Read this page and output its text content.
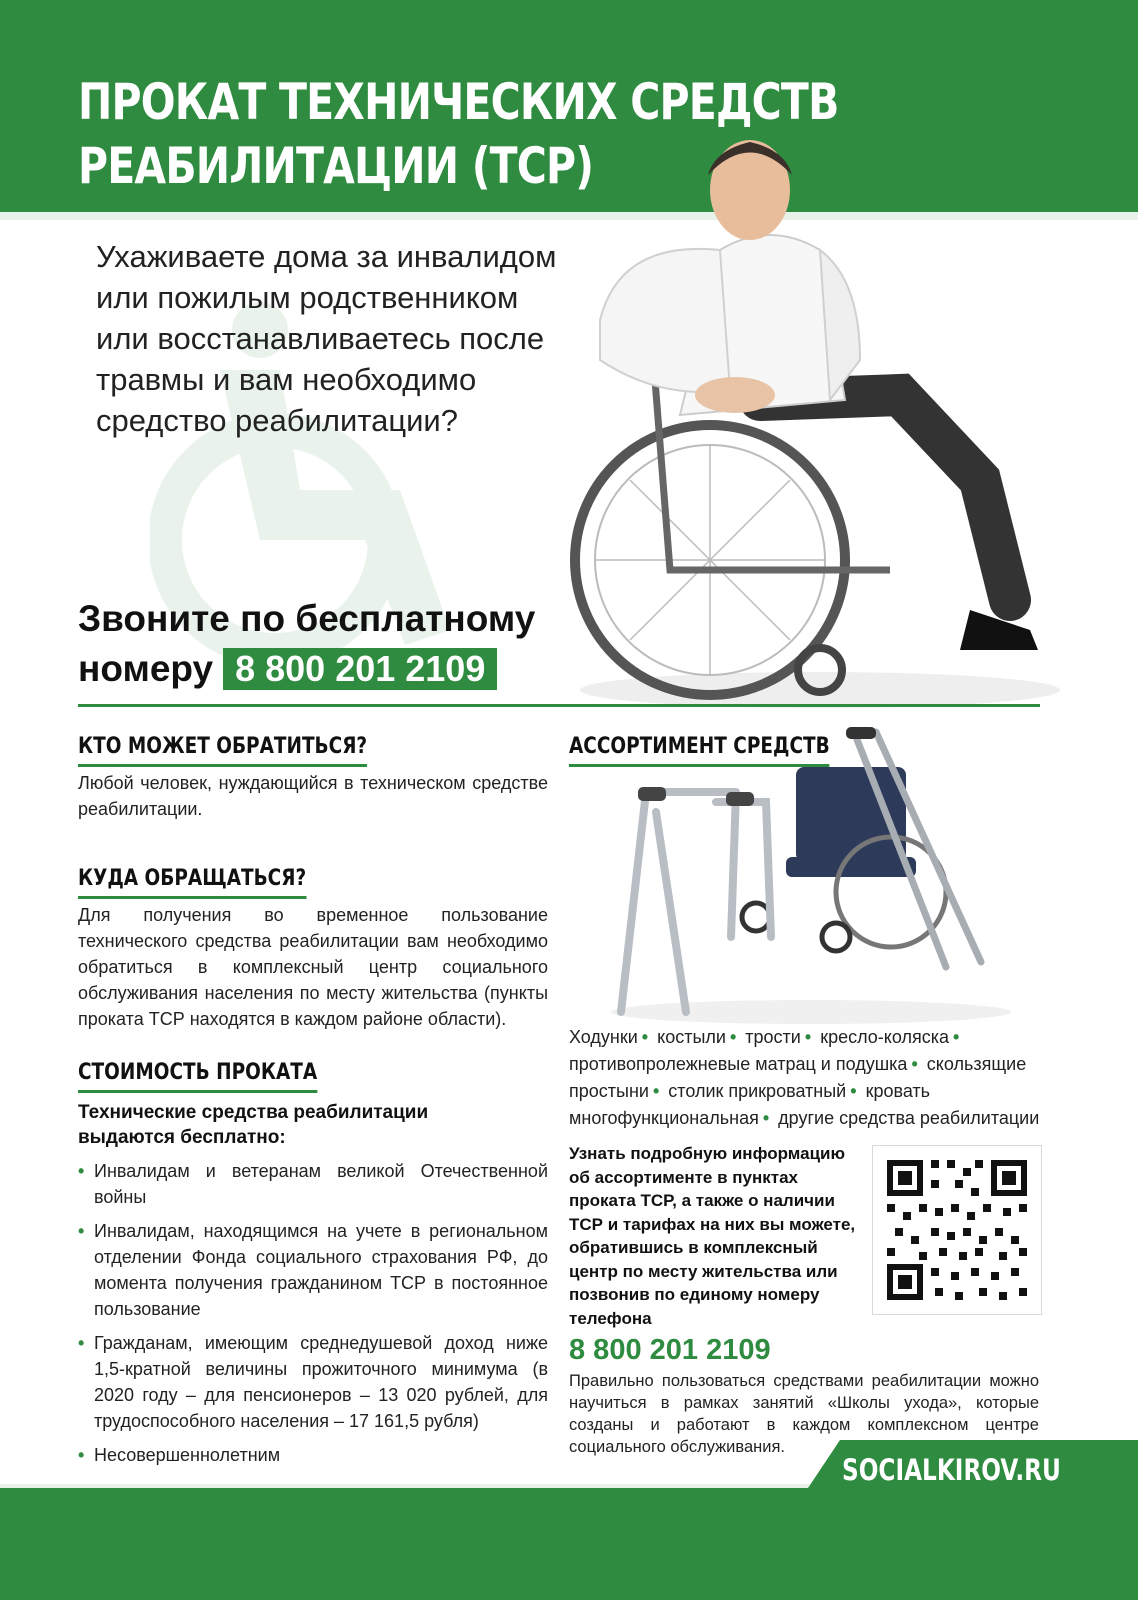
ПРОКАТ ТЕХНИЧЕСКИХ СРЕДСТВ
РЕАБИЛИТАЦИИ (ТСР)

Ухаживаете дома за инвалидом
или пожилым родственником
или восстанавливаетесь после
травмы и вам необходимо
средство реабилитации?

Звоните по бесплатному
номеру 8 800 201 2109
КТО МОЖЕТ ОБРАТИТЬСЯ?

Любой человек, нуждающийся в техническом средстве реабилитации.

КУДА ОБРАЩАТЬСЯ?

Для получения во временное пользование техничеcкого средства реабилитации вам необходимо обратиться в комплексный центр социального обслуживания населения по месту жительства (пункты проката ТСР находятся в каждом районе области).

СТОИМОСТЬ ПРОКАТА

Технические средства реабилитации выдаются бесплатно:

• Инвалидам и ветеранам великой Отечественной войны
• Инвалидам, находящимся на учете в региональном отделении Фонда социального страхования РФ, до момента получения гражданином ТСР в постоянное пользование
• Гражданам, имеющим среднедушевой доход ниже 1,5-кратной величины прожиточного минимума (в 2020 году – для пенсионеров – 13 020 рублей, для трудоспособного населения – 17 161,5 рубля)
• Несовершеннолетним
АССОРТИМЕНТ СРЕДСТВ

Ходунки • костыли • трости • кресло-коляска • противопролежневые матрац и подушка • скользящие простыни • столик прикроватный • кровать многофункциональная • другие средства реабилитации

Узнать подробную информацию об ассортименте в пунктах проката ТСР, а также о наличии ТСР и тарифах на них вы можете, обратившись в комплексный центр по месту жительства или позвонив по единому номеру телефона

8 800 201 2109

Правильно пользоваться средствами реабилитации можно научиться в рамках занятий «Школы ухода», которые созданы и работают в каждом комплексном центре социального обслуживания.

SOCIALKIROV.RU
